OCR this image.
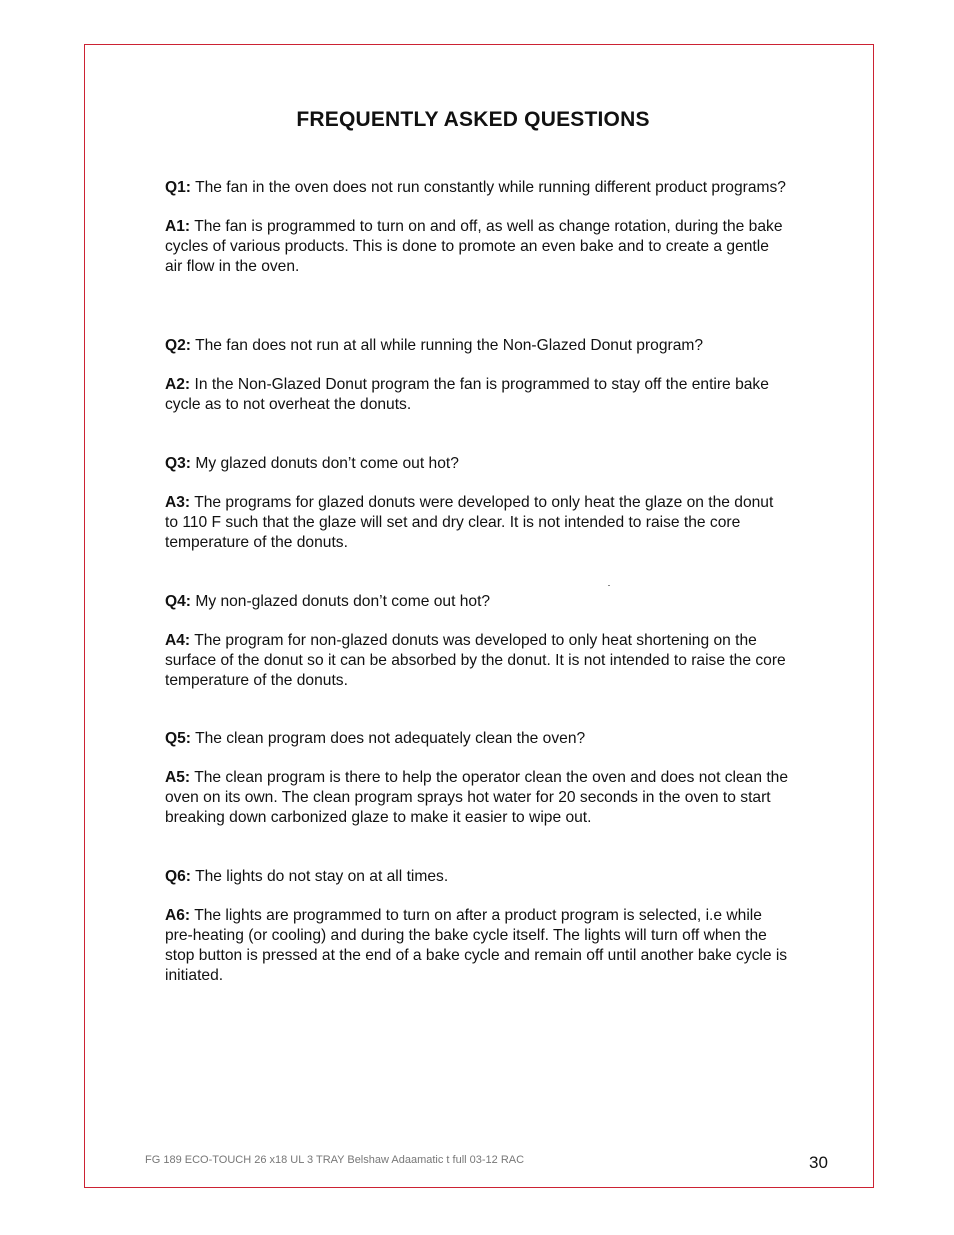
FREQUENTLY ASKED QUESTIONS

Q1: The fan in the oven does not run constantly while running different product programs?

A1: The fan is programmed to turn on and off, as well as change rotation, during the bake cycles of various products. This is done to promote an even bake and to create a gentle air flow in the oven.

Q2: The fan does not run at all while running the Non-Glazed Donut program?

A2: In the Non-Glazed Donut program the fan is programmed to stay off the entire bake cycle as to not overheat the donuts.

Q3: My glazed donuts don’t come out hot?

A3: The programs for glazed donuts were developed to only heat the glaze on the donut to 110 F such that the glaze will set and dry clear. It is not intended to raise the core temperature of the donuts.

Q4: My non-glazed donuts don’t come out hot?

A4: The program for non-glazed donuts was developed to only heat shortening on the surface of the donut so it can be absorbed by the donut. It is not intended to raise the core temperature of the donuts.

Q5: The clean program does not adequately clean the oven?

A5: The clean program is there to help the operator clean the oven and does not clean the oven on its own. The clean program sprays hot water for 20 seconds in the oven to start breaking down carbonized glaze to make it easier to wipe out.

Q6: The lights do not stay on at all times.

A6: The lights are programmed to turn on after a product program is selected, i.e while pre-heating (or cooling) and during the bake cycle itself. The lights will turn off when the stop button is pressed at the end of a bake cycle and remain off until another bake cycle is initiated.

FG 189 ECO-TOUCH 26 x18 UL 3 TRAY Belshaw Adaamatic t full 03-12 RAC	30
